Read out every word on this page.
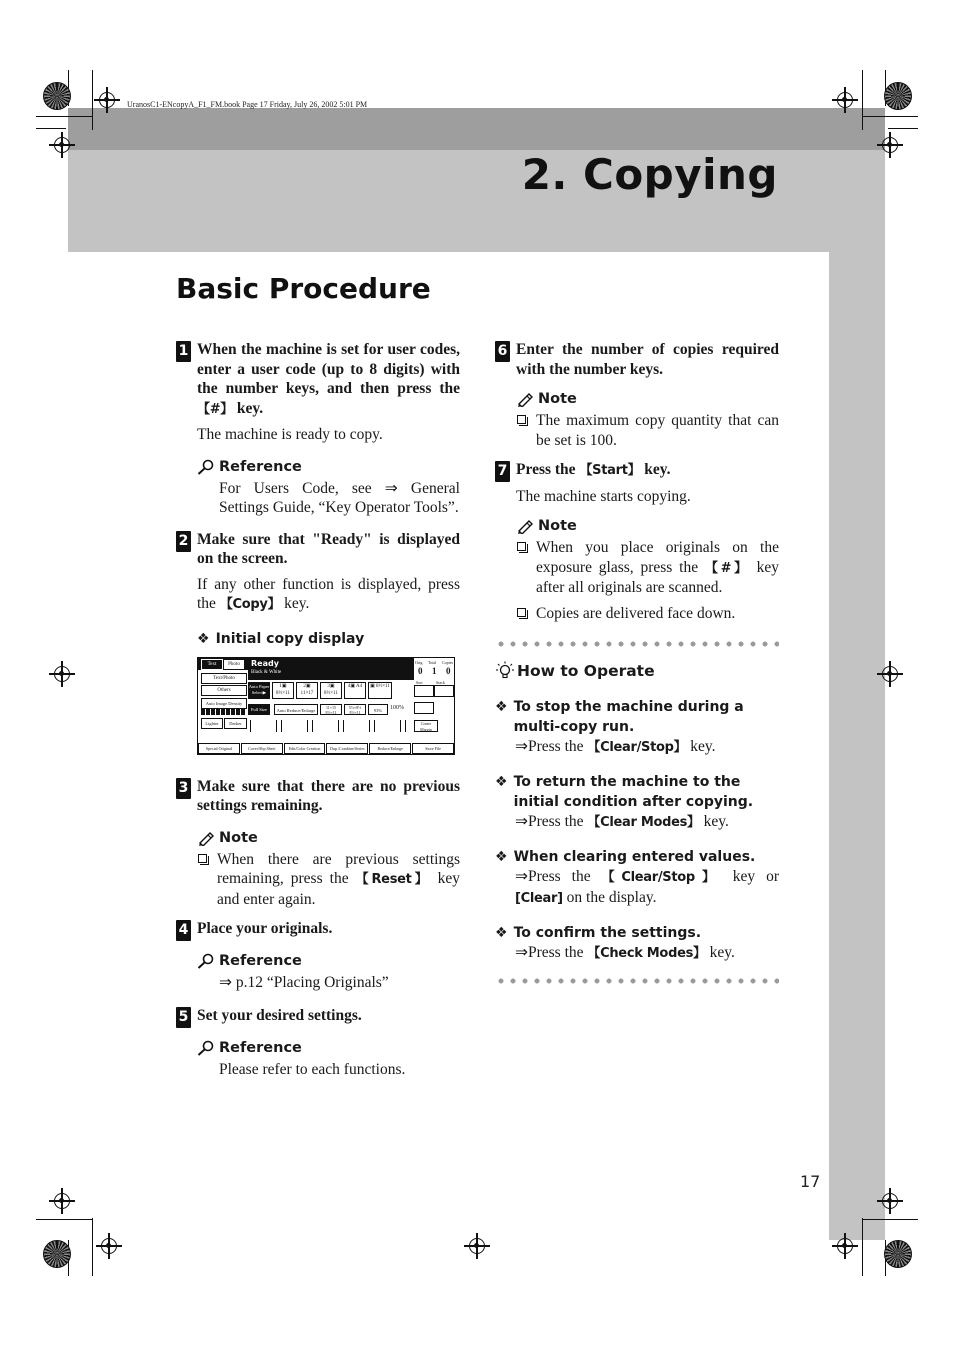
UranosC1-ENcopyA_F1_FM.book Page 17 Friday, July 26, 2002 5:01 PM
2. Copying
Basic Procedure
1 When the machine is set for user codes, enter a user code (up to 8 digits) with the number keys, and then press the 【#】 key.

The machine is ready to copy.

Reference
For Users Code, see ⇒ General Settings Guide, “Key Operator Tools”.
2 Make sure that "Ready" is displayed on the screen.

If any other function is displayed, press the 【Copy】 key.

❖ Initial copy display
Text	Photo	Ready
Black & White
Text/Photo
Others
Auto Image Density
Lighter	Darker
Auto Paper Select▶
1▣ 8½×11
2▣ 11×17
3▣ 8½×11
4▣ A4	▣ 8½×11
Orig. Total Copies
0 1 0
Sort	Stack
Full Size	Auto Reduce/Enlarge
11×15 8½×11
5½×8½ 8½×11	93%	100%
Create Margin
Special Original	Cover/Slip Sheet	Edit/Color Creation	Dup./Combine/Series	Reduce/Enlarge	Store File
3 Make sure that there are no previous settings remaining.
Note
When there are previous settings remaining, press the 【Reset】 key and enter again.
4 Place your originals.
Reference
⇒ p.12 “Placing Originals”
5 Set your desired settings.
Reference
Please refer to each functions.
6 Enter the number of copies required with the number keys.
Note
The maximum copy quantity that can be set is 100.
7 Press the 【Start】 key.

The machine starts copying.

Note
When you place originals on the exposure glass, press the 【#】 key after all originals are scanned.
Copies are delivered face down.
How to Operate
❖ To stop the machine during a multi-copy run.
⇒Press the 【Clear/Stop】 key.
❖ To return the machine to the initial condition after copying.
⇒Press the 【Clear Modes】 key.
❖ When clearing entered values.
⇒Press the 【Clear/Stop】 key or [Clear] on the display.
❖ To confirm the settings.
⇒Press the 【Check Modes】 key.
17
